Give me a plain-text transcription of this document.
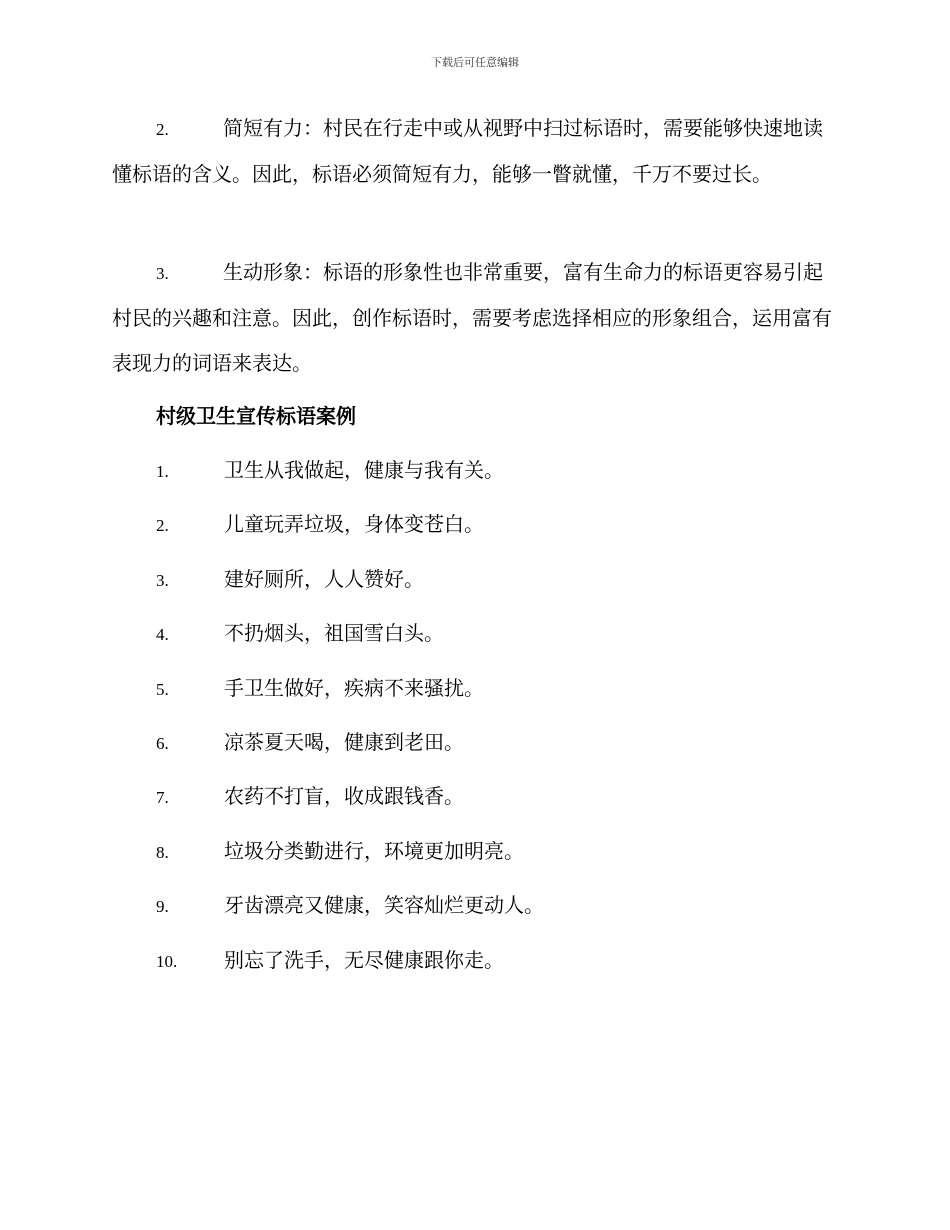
下载后可任意编辑

2.	简短有力：村民在行走中或从视野中扫过标语时，需要能够快速地读懂标语的含义。因此，标语必须简短有力，能够一瞥就懂，千万不要过长。

3.	生动形象：标语的形象性也非常重要，富有生命力的标语更容易引起村民的兴趣和注意。因此，创作标语时，需要考虑选择相应的形象组合，运用富有表现力的词语来表达。

村级卫生宣传标语案例
1.	卫生从我做起，健康与我有关。
2.	儿童玩弄垃圾，身体变苍白。
3.	建好厕所，人人赞好。
4.	不扔烟头，祖国雪白头。
5.	手卫生做好，疾病不来骚扰。
6.	凉茶夏天喝，健康到老田。
7.	农药不打盲，收成跟钱香。
8.	垃圾分类勤进行，环境更加明亮。
9.	牙齿漂亮又健康，笑容灿烂更动人。
10. 别忘了洗手，无尽健康跟你走。
